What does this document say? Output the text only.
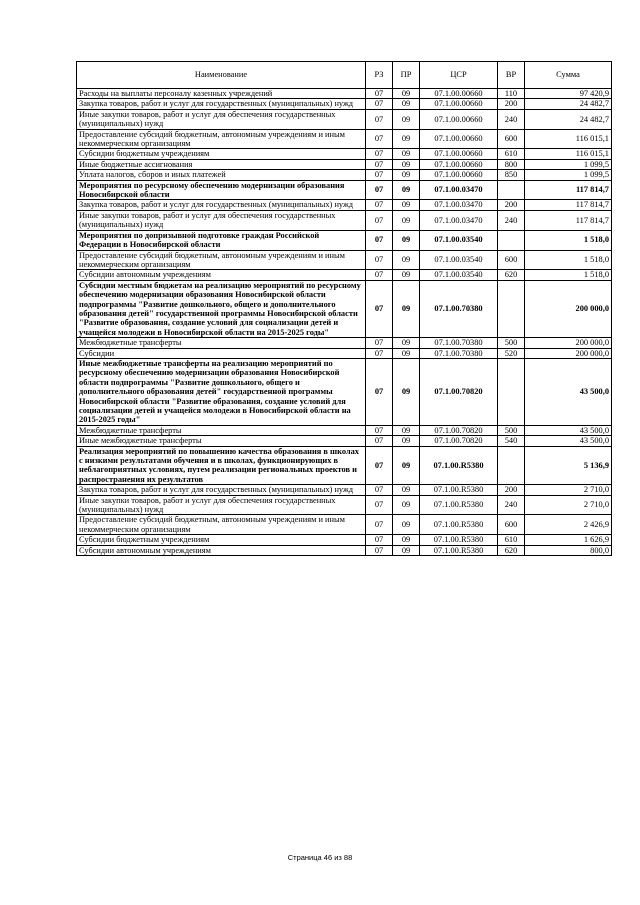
Наименование	РЗ	ПР	ЦСР	ВР	Сумма
Расходы на выплаты персоналу казенных учреждений	07	09	07.1.00.00660	110	97 420,9
Закупка товаров, работ и услуг для государственных (муниципальных) нужд	07	09	07.1.00.00660	200	24 482,7
Иные закупки товаров, работ и услуг для обеспечения государственных (муниципальных) нужд	07	09	07.1.00.00660	240	24 482,7
Предоставление субсидий бюджетным, автономным учреждениям и иным некоммерческим организациям	07	09	07.1.00.00660	600	116 015,1
Субсидии бюджетным учреждениям	07	09	07.1.00.00660	610	116 015,1
Иные бюджетные ассигнования	07	09	07.1.00.00660	800	1 099,5
Уплата налогов, сборов и иных платежей	07	09	07.1.00.00660	850	1 099,5
Мероприятия по ресурсному обеспечению модернизации образования Новосибирской области	07	09	07.1.00.03470		117 814,7
Закупка товаров, работ и услуг для государственных (муниципальных) нужд	07	09	07.1.00.03470	200	117 814,7
Иные закупки товаров, работ и услуг для обеспечения государственных (муниципальных) нужд	07	09	07.1.00.03470	240	117 814,7
Мероприятия по допризывной подготовке граждан Российской Федерации в Новосибирской области	07	09	07.1.00.03540		1 518,0
Предоставление субсидий бюджетным, автономным учреждениям и иным некоммерческим организациям	07	09	07.1.00.03540	600	1 518,0
Субсидии автономным учреждениям	07	09	07.1.00.03540	620	1 518,0
Субсидии местным бюджетам на реализацию мероприятий по ресурсному обеспечению модернизации образования Новосибирской области подпрограммы "Развитие дошкольного, общего и дополнительного образования детей" государственной программы Новосибирской области "Развитие образования, создание условий для социализации детей и учащейся молодежи в Новосибирской области на 2015-2025 годы"	07	09	07.1.00.70380		200 000,0
Межбюджетные трансферты	07	09	07.1.00.70380	500	200 000,0
Субсидии	07	09	07.1.00.70380	520	200 000,0
Иные межбюджетные трансферты на реализацию мероприятий по ресурсному обеспечению модернизации образования Новосибирской области подпрограммы "Развитие дошкольного, общего и дополнительного образования детей" государственной программы Новосибирской области "Развитие образования, создание условий для социализации детей и учащейся молодежи в Новосибирской области на 2015-2025 годы"	07	09	07.1.00.70820		43 500,0
Межбюджетные трансферты	07	09	07.1.00.70820	500	43 500,0
Иные межбюджетные трансферты	07	09	07.1.00.70820	540	43 500,0
Реализация мероприятий по повышению качества образования в школах с низкими результатами обучения и в школах, функционирующих в неблагоприятных условиях, путем реализации региональных проектов и распространения их результатов	07	09	07.1.00.R5380		5 136,9
Закупка товаров, работ и услуг для государственных (муниципальных) нужд	07	09	07.1.00.R5380	200	2 710,0
Иные закупки товаров, работ и услуг для обеспечения государственных (муниципальных) нужд	07	09	07.1.00.R5380	240	2 710,0
Предоставление субсидий бюджетным, автономным учреждениям и иным некоммерческим организациям	07	09	07.1.00.R5380	600	2 426,9
Субсидии бюджетным учреждениям	07	09	07.1.00.R5380	610	1 626,9
Субсидии автономным учреждениям	07	09	07.1.00.R5380	620	800,0
Страница 46 из 88
